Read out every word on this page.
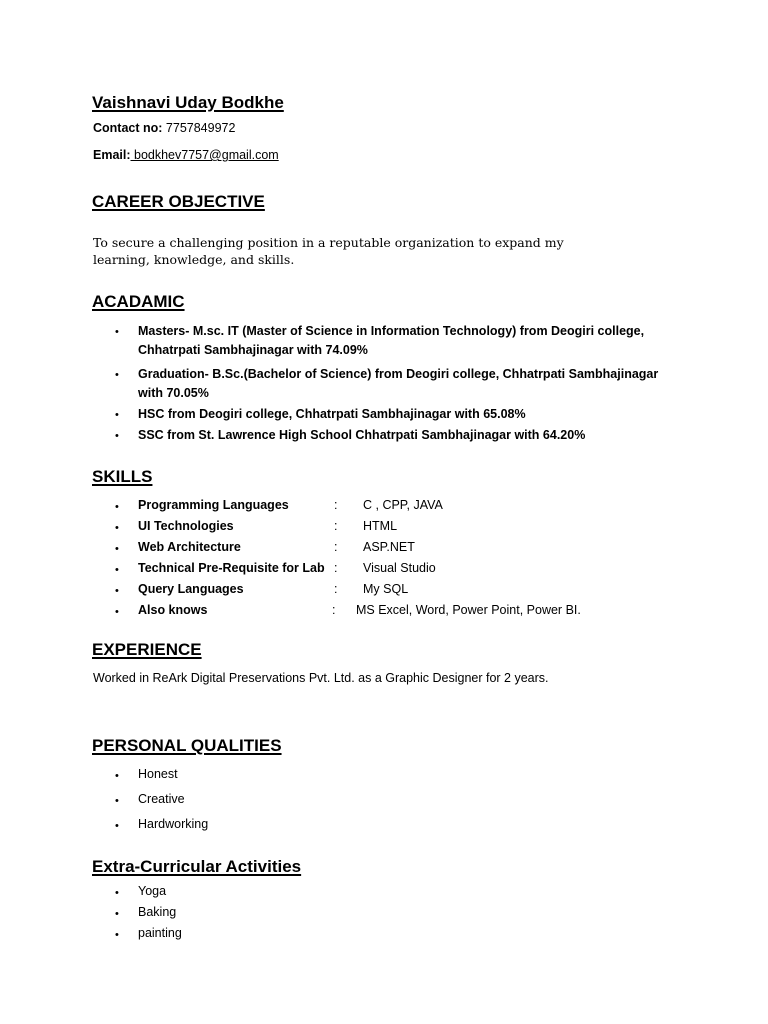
Vaishnavi Uday Bodkhe
Contact no: 7757849972
Email: bodkhev7757@gmail.com
CAREER OBJECTIVE
To secure a challenging position in a reputable organization to expand my learning, knowledge, and skills.
ACADAMIC
• Masters- M.sc. IT (Master of Science in Information Technology) from Deogiri college, Chhatrpati Sambhajinagar with 74.09%
• Graduation- B.Sc.(Bachelor of Science) from Deogiri college, Chhatrpati Sambhajinagar with 70.05%
• HSC from Deogiri college, Chhatrpati Sambhajinagar with 65.08%
• SSC from St. Lawrence High School Chhatrpati Sambhajinagar with 64.20%
SKILLS
• Programming Languages	: C , CPP, JAVA
• UI Technologies	: HTML
• Web Architecture	: ASP.NET
• Technical Pre-Requisite for Lab : Visual Studio
• Query Languages	: My SQL
• Also knows	: MS Excel, Word, Power Point, Power BI.
EXPERIENCE
Worked in ReArk Digital Preservations Pvt. Ltd. as a Graphic Designer for 2 years.
PERSONAL QUALITIES
• Honest
• Creative
• Hardworking
Extra-Curricular Activities
• Yoga
• Baking
• painting
